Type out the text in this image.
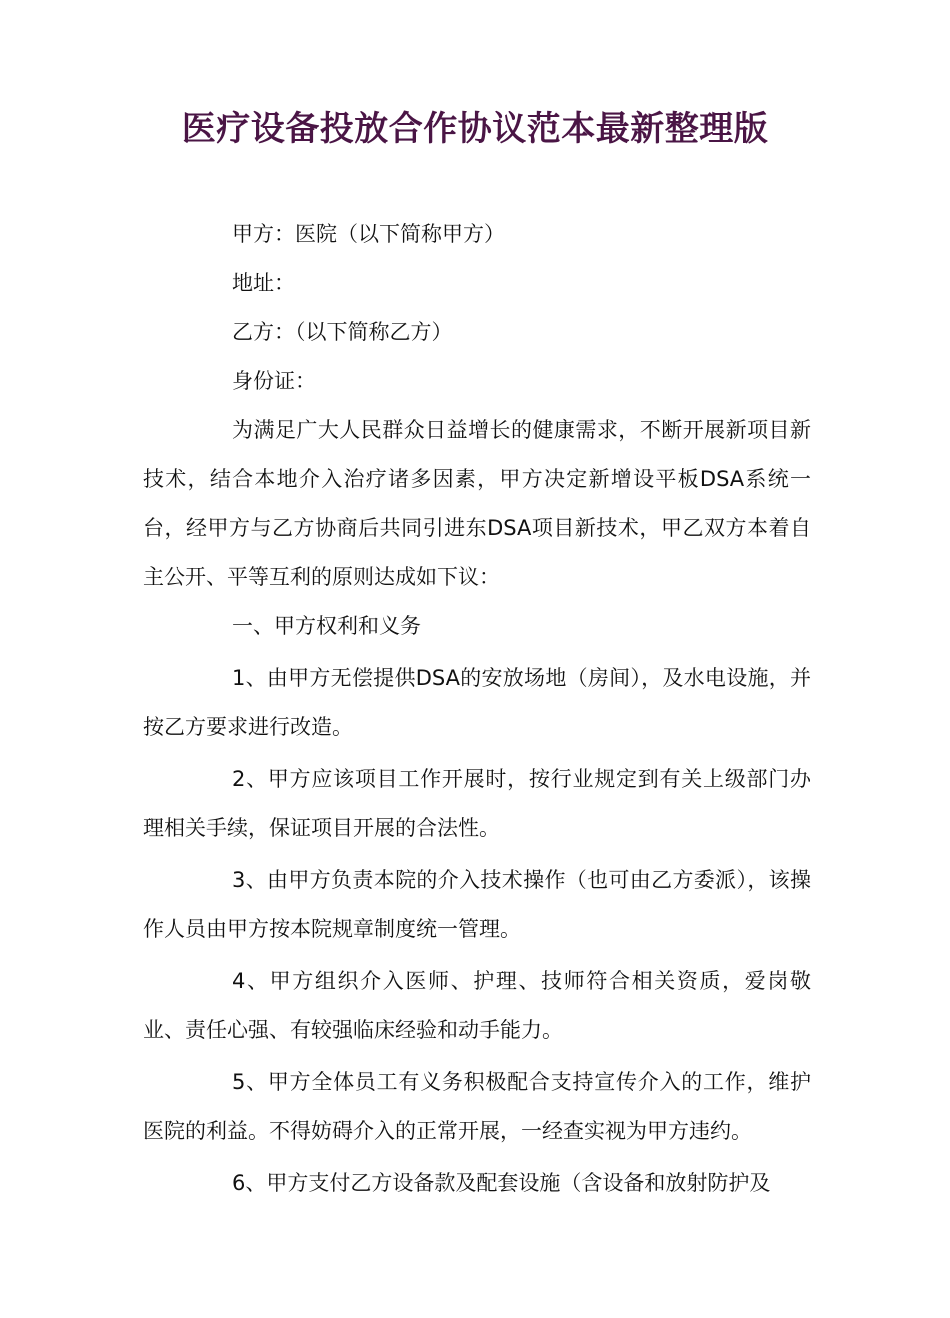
医疗设备投放合作协议范本最新整理版

甲方：医院（以下简称甲方）

地址：

乙方：（以下简称乙方）

身份证：

为满足广大人民群众日益增长的健康需求，不断开展新项目新技术，结合本地介入治疗诸多因素，甲方决定新增设平板DSA系统一台，经甲方与乙方协商后共同引进东DSA项目新技术，甲乙双方本着自主公开、平等互利的原则达成如下议：

一、甲方权利和义务

1、由甲方无偿提供DSA的安放场地（房间），及水电设施，并按乙方要求进行改造。

2、甲方应该项目工作开展时，按行业规定到有关上级部门办理相关手续，保证项目开展的合法性。

3、由甲方负责本院的介入技术操作（也可由乙方委派），该操作人员由甲方按本院规章制度统一管理。

4、甲方组织介入医师、护理、技师符合相关资质，爱岗敬业、责任心强、有较强临床经验和动手能力。

5、甲方全体员工有义务积极配合支持宣传介入的工作，维护医院的利益。不得妨碍介入的正常开展，一经查实视为甲方违约。

6、甲方支付乙方设备款及配套设施（含设备和放射防护及
